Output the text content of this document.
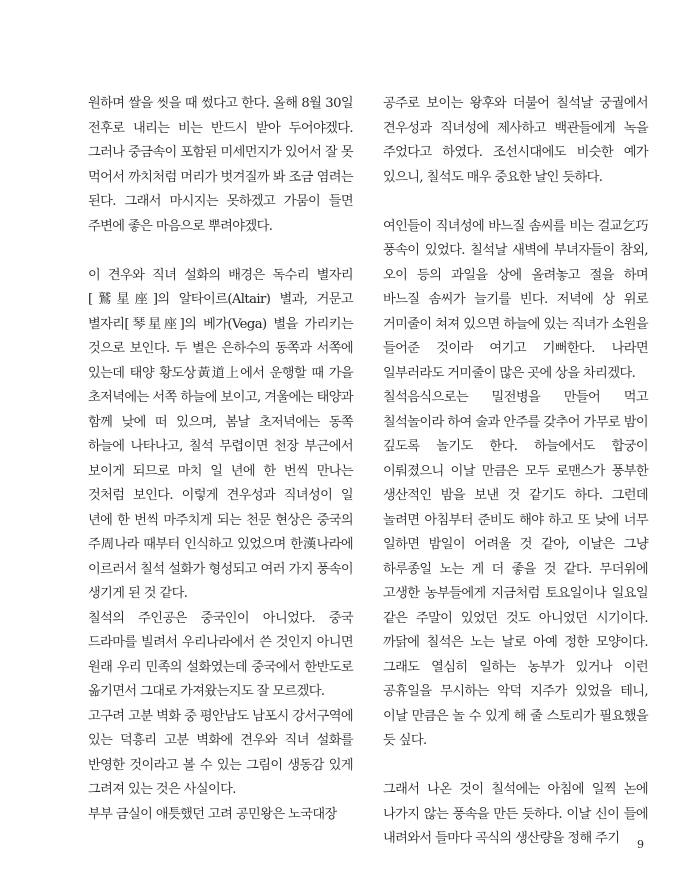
원하며 쌀을 씻을 때 썼다고 한다. 올해 8월 30일 전후로 내리는 비는 반드시 받아 두어야겠다. 그러나 중금속이 포함된 미세먼지가 있어서 잘 못 먹어서 까치처럼 머리가 벗겨질까 봐 조금 염려는 된다. 그래서 마시지는 못하겠고 가뭄이 들면 주변에 좋은 마음으로 뿌려야겠다.

이 견우와 직녀 설화의 배경은 독수리 별자리[鷲星座]의 알타이르(Altair) 별과, 거문고 별자리[琴星座]의 베가(Vega) 별을 가리키는 것으로 보인다. 두 별은 은하수의 동쪽과 서쪽에 있는데 태양 황도상黃道上에서 운행할 때 가을 초저녁에는 서쪽 하늘에 보이고, 겨울에는 태양과 함께 낮에 떠 있으며, 봄날 초저녁에는 동쪽 하늘에 나타나고, 칠석 무렵이면 천장 부근에서 보이게 되므로 마치 일 년에 한 번씩 만나는 것처럼 보인다. 이렇게 견우성과 직녀성이 일 년에 한 번씩 마주치게 되는 천문 현상은 중국의 주周나라 때부터 인식하고 있었으며 한漢나라에 이르러서 칠석 설화가 형성되고 여러 가지 풍속이 생기게 된 것 같다.

칠석의 주인공은 중국인이 아니었다. 중국 드라마를 빌려서 우리나라에서 쓴 것인지 아니면 원래 우리 민족의 설화였는데 중국에서 한반도로 옮기면서 그대로 가져왔는지도 잘 모르겠다.

고구려 고분 벽화 중 평안남도 남포시 강서구역에 있는 덕흥리 고분 벽화에 견우와 직녀 설화를 반영한 것이라고 볼 수 있는 그림이 생동감 있게 그려져 있는 것은 사실이다.

부부 금실이 애틋했던 고려 공민왕은 노국대장

공주로 보이는 왕후와 더불어 칠석날 궁궐에서 견우성과 직녀성에 제사하고 백관들에게 녹을 주었다고 하였다. 조선시대에도 비슷한 예가 있으니, 칠석도 매우 중요한 날인 듯하다.

여인들이 직녀성에 바느질 솜씨를 비는 걸교乞巧 풍속이 있었다. 칠석날 새벽에 부녀자들이 참외, 오이 등의 과일을 상에 올려놓고 절을 하며 바느질 솜씨가 늘기를 빈다. 저녁에 상 위로 거미줄이 쳐져 있으면 하늘에 있는 직녀가 소원을 들어준 것이라 여기고 기뻐한다. 나라면 일부러라도 거미줄이 많은 곳에 상을 차리겠다.

칠석음식으로는 밀전병을 만들어 먹고 칠석놀이라 하여 술과 안주를 갖추어 가무로 밤이 깊도록 놀기도 한다. 하늘에서도 합궁이 이뤄졌으니 이날 만큼은 모두 로맨스가 풍부한 생산적인 밤을 보낸 것 같기도 하다. 그런데 놀려면 아침부터 준비도 해야 하고 또 낮에 너무 일하면 밤일이 어려울 것 같아, 이날은 그냥 하루종일 노는 게 더 좋을 것 같다. 무더위에 고생한 농부들에게 지금처럼 토요일이나 일요일 같은 주말이 있었던 것도 아니었던 시기이다. 까닭에 칠석은 노는 날로 아예 정한 모양이다. 그래도 열심히 일하는 농부가 있거나 이런 공휴일을 무시하는 악덕 지주가 있었을 테니, 이날 만큼은 놀 수 있게 해 줄 스토리가 필요했을 듯 싶다.

그래서 나온 것이 칠석에는 아침에 일찍 논에 나가지 않는 풍속을 만든 듯하다. 이날 신이 들에 내려와서 들마다 곡식의 생산량을 정해 주기	9
